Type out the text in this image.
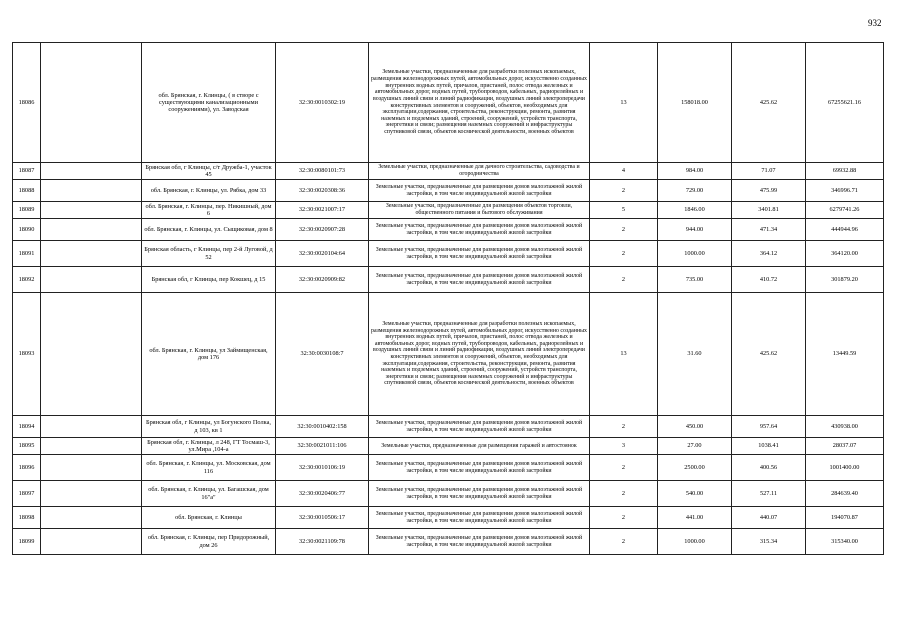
932
18086		обл. Брянская, г. Клинцы, ( в створе с существующими канализационными сооружениями), ул. Заводская	32:30:0010302:19	Земельные участки, предназначенные для разработки полезных ископаемых, размещения железнодорожных путей, автомобильных дорог, искусственно созданных внутренних водных путей, причалов, пристаней, полос отвода железных и автомобильных дорог, водных путей, трубопроводов, кабельных, радиорелейных и воздушных линий связи и линий радиофикации, воздушных линий электропередачи конструктивных элементов и сооружений, объектов, необходимых для эксплуатации,содержания, строительства, реконструкции, ремонта, развития наземных и подземных зданий, строений, сооружений, устройств транспорта, энергетики и связи; размещения наземных сооружений и инфраструктуры спутниковой связи, объектов космической деятельности, военных объектов	13	158018.00	425.62	67255621.16
18087		Брянская обл, г Клинцы, с/т Дружба-1, участок 45	32:30:0080101:73	Земельные участки, предназначенные для дачного строительства, садоводства и огородничества	4	984.00	71.07	69932.88
18088		обл. Брянская, г. Клинцы, ул. Рябка, дом 33	32:30:0020308:36	Земельные участки, предназначенные для размещения домов малоэтажной жилой застройки, в том числе индивидуальной жилой застройки	2	729.00	475.99	346996.71
18089		обл. Брянская, г. Клинцы, пер. Никишный, дом 6	32:30:0021007:17	Земельные участки, предназначенные для размещения объектов торговли, общественного питания и бытового обслуживания	5	1846.00	3401.81	6279741.26
18090		обл. Брянская, г. Клинцы, ул. Сыщиковая, дом 8	32:30:0020907:28	Земельные участки, предназначенные для размещения домов малоэтажной жилой застройки, в том числе индивидуальной жилой застройки	2	944.00	471.34	444944.96
18091		Брянская область, г Клинцы, пер 2-й Луговой, д 52	32:30:0020104:64	Земельные участки, предназначенные для размещения домов малоэтажной жилой застройки, в том числе индивидуальной жилой застройки	2	1000.00	364.12	364120.00
18092		Брянская обл, г Клинцы, пер Кокшец, д 15	32:30:0020909:82	Земельные участки, предназначенные для размещения домов малоэтажной жилой застройки, в том числе индивидуальной жилой застройки	2	735.00	410.72	301879.20
18093		обл. Брянская, г. Клинцы, ул Займищенская, дом 176	32:30:0030108:7	Земельные участки, предназначенные для разработки полезных ископаемых, размещения железнодорожных путей, автомобильных дорог, искусственно созданных внутренних водных путей, причалов, пристаней, полос отвода железных и автомобильных дорог, водных путей, трубопроводов, кабельных, радиорелейных и воздушных линий связи и линий радиофикации, воздушных линий электропередачи конструктивных элементов и сооружений, объектов, необходимых для эксплуатации,содержания, строительства, реконструкции, ремонта, развития наземных и подземных зданий, строений, сооружений, устройств транспорта, энергетики и связи; размещения наземных сооружений и инфраструктуры спутниковой связи, объектов космической деятельности, военных объектов	13	31.60	425.62	13449.59
18094		Брянская обл, г Клинцы, ул Богунского Полка, д 103, кв 1	32:30:0010402:158	Земельные участки, предназначенные для размещения домов малоэтажной жилой застройки, в том числе индивидуальной жилой застройки	2	450.00	957.64	430938.00
18095		Брянская обл, г. Клинцы, л 248, ГТ Тосмаш-3, ул.Мира ,104-а	32:30:0021011:106	Земельные участки, предназначенные для размещения гаражей и автостоянок	3	27.00	1038.41	28037.07
18096		обл. Брянская, г. Клинцы, ул. Московская, дом 116	32:30:0010106:19	Земельные участки, предназначенные для размещения домов малоэтажной жилой застройки, в том числе индивидуальной жилой застройки	2	2500.00	400.56	1001400.00
18097		обл. Брянская, г. Клинцы, ул. Багашская, дом 16"а"	32:30:0020406:77	Земельные участки, предназначенные для размещения домов малоэтажной жилой застройки, в том числе индивидуальной жилой застройки	2	540.00	527.11	284639.40
18098		обл. Брянская, г. Клинцы	32:30:0010506:17	Земельные участки, предназначенные для размещения домов малоэтажной жилой застройки, в том числе индивидуальной жилой застройки	2	441.00	440.07	194070.87
18099		обл. Брянская, г. Клинцы, пер Придорожный, дом 26	32:30:0021109:78	Земельные участки, предназначенные для размещения домов малоэтажной жилой застройки, в том числе индивидуальной жилой застройки	2	1000.00	315.34	315340.00
